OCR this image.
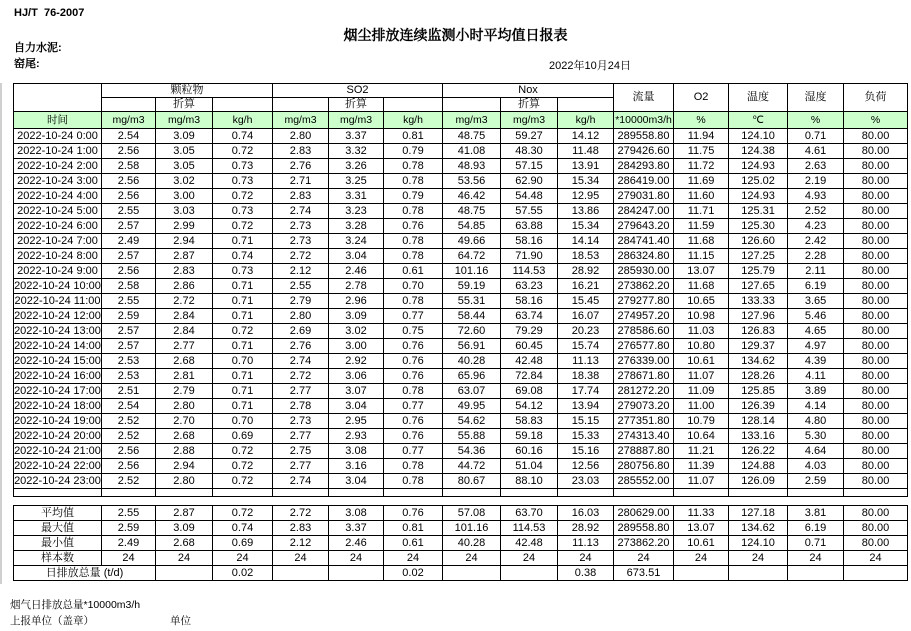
HJ/T  76-2007
烟尘排放连续监测小时平均值日报表
自力水泥:
窑尾:	2022年10月24日
	颗粒物			SO2			Nox			流量	O2	温度	湿度	负荷
		折算			折算			折算						
时间	mg/m3	mg/m3	kg/h	mg/m3	mg/m3	kg/h	mg/m3	mg/m3	kg/h	*10000m3/h	%	℃	%	%
2022-10-24 0:00	2.54	3.09	0.74	2.80	3.37	0.81	48.75	59.27	14.12	289558.80	11.94	124.10	0.71	80.00
2022-10-24 1:00	2.56	3.05	0.72	2.83	3.32	0.79	41.08	48.30	11.48	279426.60	11.75	124.38	4.61	80.00
2022-10-24 2:00	2.58	3.05	0.73	2.76	3.26	0.78	48.93	57.15	13.91	284293.80	11.72	124.93	2.63	80.00
2022-10-24 3:00	2.56	3.02	0.73	2.71	3.25	0.78	53.56	62.90	15.34	286419.00	11.69	125.02	2.19	80.00
2022-10-24 4:00	2.56	3.00	0.72	2.83	3.31	0.79	46.42	54.48	12.95	279031.80	11.60	124.93	4.93	80.00
2022-10-24 5:00	2.55	3.03	0.73	2.74	3.23	0.78	48.75	57.55	13.86	284247.00	11.71	125.31	2.52	80.00
2022-10-24 6:00	2.57	2.99	0.72	2.73	3.28	0.76	54.85	63.88	15.34	279643.20	11.59	125.30	4.23	80.00
2022-10-24 7:00	2.49	2.94	0.71	2.73	3.24	0.78	49.66	58.16	14.14	284741.40	11.68	126.60	2.42	80.00
2022-10-24 8:00	2.57	2.87	0.74	2.72	3.04	0.78	64.72	71.90	18.53	286324.80	11.15	127.25	2.28	80.00
2022-10-24 9:00	2.56	2.83	0.73	2.12	2.46	0.61	101.16	114.53	28.92	285930.00	13.07	125.79	2.11	80.00
2022-10-24 10:00	2.58	2.86	0.71	2.55	2.78	0.70	59.19	63.23	16.21	273862.20	11.68	127.65	6.19	80.00
2022-10-24 11:00	2.55	2.72	0.71	2.79	2.96	0.78	55.31	58.16	15.45	279277.80	10.65	133.33	3.65	80.00
2022-10-24 12:00	2.59	2.84	0.71	2.80	3.09	0.77	58.44	63.74	16.07	274957.20	10.98	127.96	5.46	80.00
2022-10-24 13:00	2.57	2.84	0.72	2.69	3.02	0.75	72.60	79.29	20.23	278586.60	11.03	126.83	4.65	80.00
2022-10-24 14:00	2.57	2.77	0.71	2.76	3.00	0.76	56.91	60.45	15.74	276577.80	10.80	129.37	4.97	80.00
2022-10-24 15:00	2.53	2.68	0.70	2.74	2.92	0.76	40.28	42.48	11.13	276339.00	10.61	134.62	4.39	80.00
2022-10-24 16:00	2.53	2.81	0.71	2.72	3.06	0.76	65.96	72.84	18.38	278671.80	11.07	128.26	4.11	80.00
2022-10-24 17:00	2.51	2.79	0.71	2.77	3.07	0.78	63.07	69.08	17.74	281272.20	11.09	125.85	3.89	80.00
2022-10-24 18:00	2.54	2.80	0.71	2.78	3.04	0.77	49.95	54.12	13.94	279073.20	11.00	126.39	4.14	80.00
2022-10-24 19:00	2.52	2.70	0.70	2.73	2.95	0.76	54.62	58.83	15.15	277351.80	10.79	128.14	4.80	80.00
2022-10-24 20:00	2.52	2.68	0.69	2.77	2.93	0.76	55.88	59.18	15.33	274313.40	10.64	133.16	5.30	80.00
2022-10-24 21:00	2.56	2.88	0.72	2.75	3.08	0.77	54.36	60.16	15.16	278887.80	11.21	126.22	4.64	80.00
2022-10-24 22:00	2.56	2.94	0.72	2.77	3.16	0.78	44.72	51.04	12.56	280756.80	11.39	124.88	4.03	80.00
2022-10-24 23:00	2.52	2.80	0.72	2.74	3.04	0.78	80.67	88.10	23.03	285552.00	11.07	126.09	2.59	80.00

平均值	2.55	2.87	0.72	2.72	3.08	0.76	57.08	63.70	16.03	280629.00	11.33	127.18	3.81	80.00
最大值	2.59	3.09	0.74	2.83	3.37	0.81	101.16	114.53	28.92	289558.80	13.07	134.62	6.19	80.00
最小值	2.49	2.68	0.69	2.12	2.46	0.61	40.28	42.48	11.13	273862.20	10.61	124.10	0.71	80.00
样本数	24	24	24	24	24	24	24	24	24	24	24	24	24	24
日排放总量 (t/d)			0.02			0.02			0.38	673.51				
烟气日排放总量*10000m3/h
上报单位（盖章）	单位
